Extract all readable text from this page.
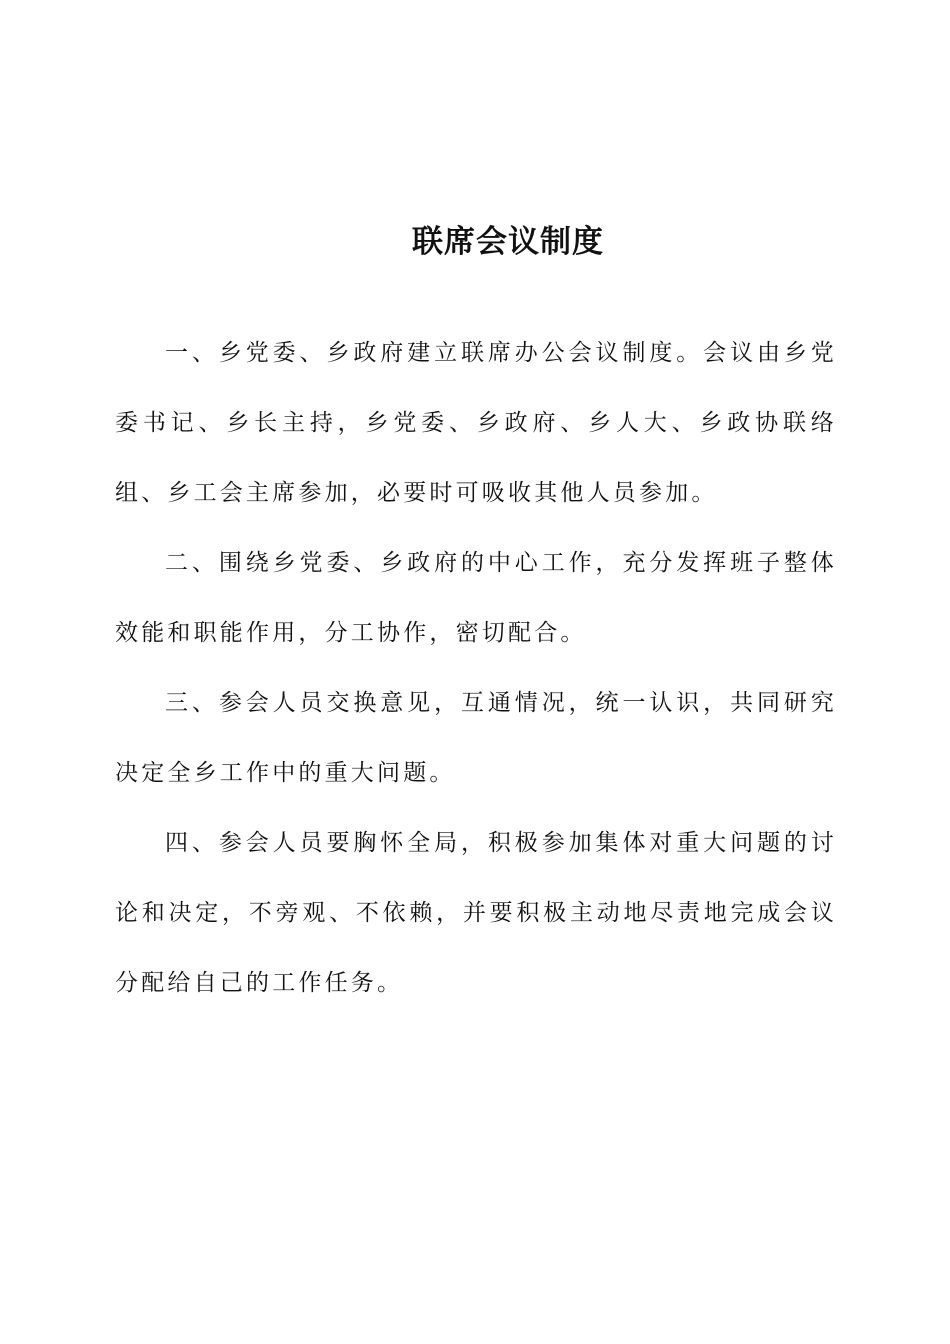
联席会议制度

一、乡党委、乡政府建立联席办公会议制度。会议由乡党委书记、乡长主持，乡党委、乡政府、乡人大、乡政协联络组、乡工会主席参加，必要时可吸收其他人员参加。

二、围绕乡党委、乡政府的中心工作，充分发挥班子整体效能和职能作用，分工协作，密切配合。

三、参会人员交换意见，互通情况，统一认识，共同研究决定全乡工作中的重大问题。

四、参会人员要胸怀全局，积极参加集体对重大问题的讨论和决定，不旁观、不依赖，并要积极主动地尽责地完成会议分配给自己的工作任务。
